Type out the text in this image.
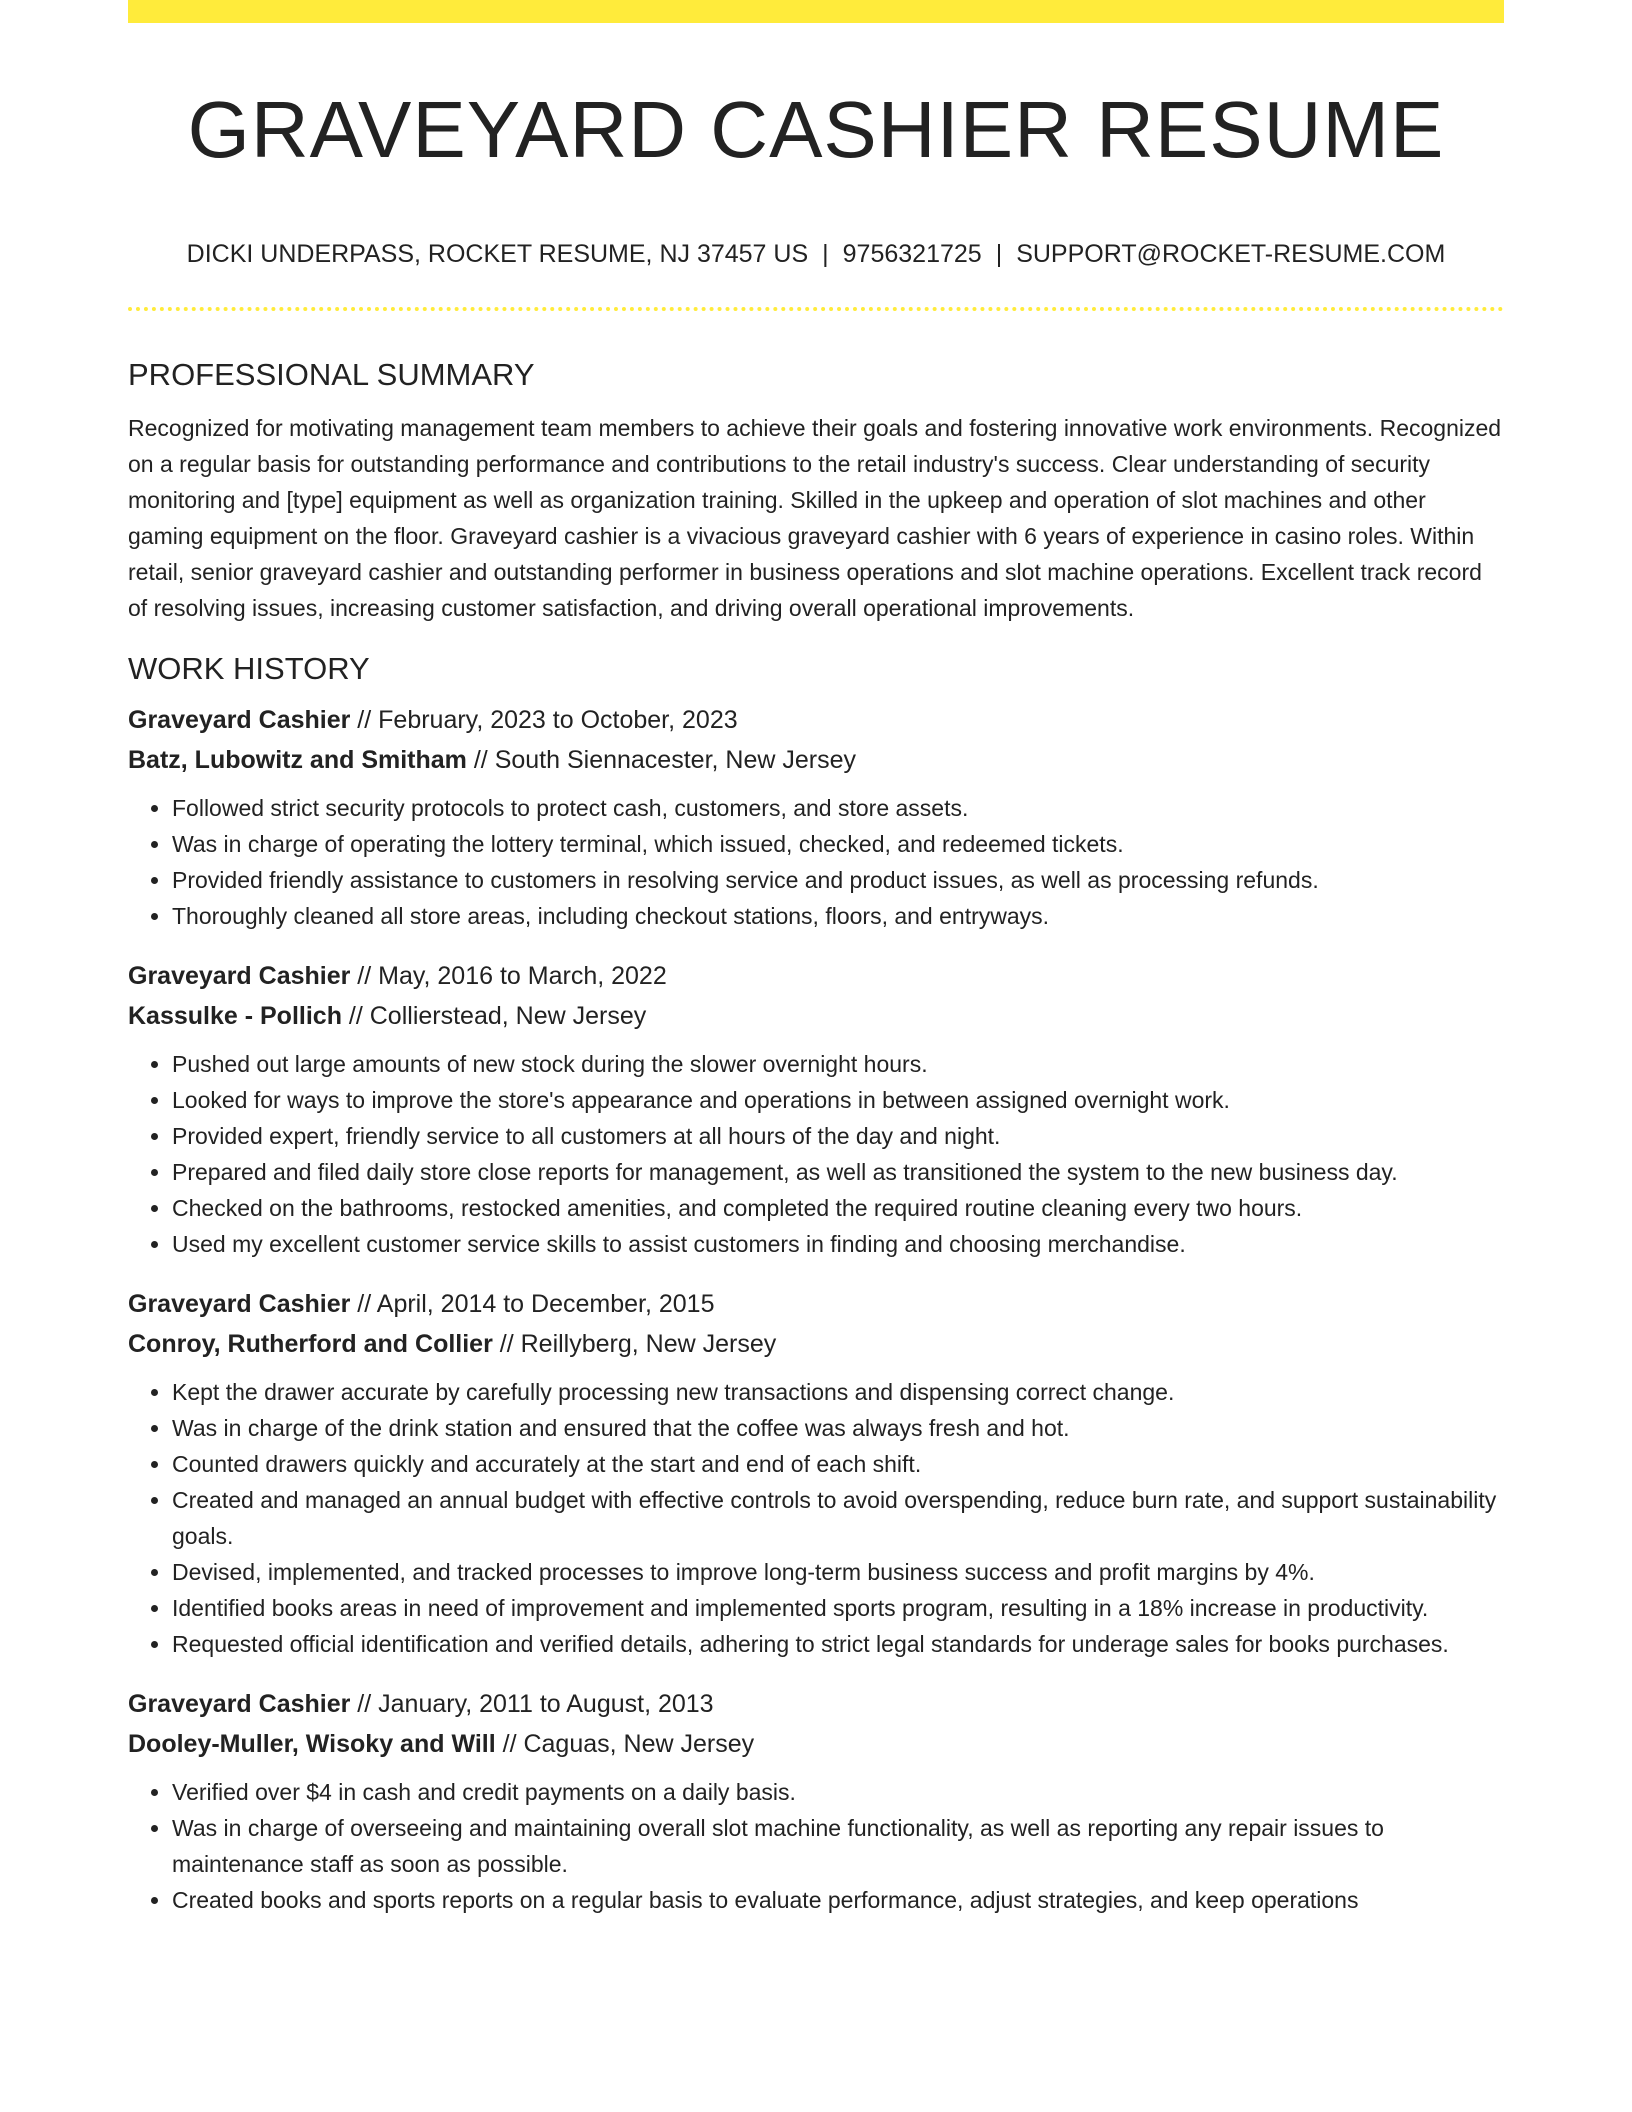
GRAVEYARD CASHIER RESUME
DICKI UNDERPASS, ROCKET RESUME, NJ 37457 US | 9756321725 | SUPPORT@ROCKET-RESUME.COM
PROFESSIONAL SUMMARY

Recognized for motivating management team members to achieve their goals and fostering innovative work environments. Recognized on a regular basis for outstanding performance and contributions to the retail industry's success. Clear understanding of security monitoring and [type] equipment as well as organization training. Skilled in the upkeep and operation of slot machines and other gaming equipment on the floor. Graveyard cashier is a vivacious graveyard cashier with 6 years of experience in casino roles. Within retail, senior graveyard cashier and outstanding performer in business operations and slot machine operations. Excellent track record of resolving issues, increasing customer satisfaction, and driving overall operational improvements.

WORK HISTORY
Graveyard Cashier // February, 2023 to October, 2023
Batz, Lubowitz and Smitham // South Siennacester, New Jersey
• Followed strict security protocols to protect cash, customers, and store assets.
• Was in charge of operating the lottery terminal, which issued, checked, and redeemed tickets.
• Provided friendly assistance to customers in resolving service and product issues, as well as processing refunds.
• Thoroughly cleaned all store areas, including checkout stations, floors, and entryways.
Graveyard Cashier // May, 2016 to March, 2022
Kassulke - Pollich // Collierstead, New Jersey
• Pushed out large amounts of new stock during the slower overnight hours.
• Looked for ways to improve the store's appearance and operations in between assigned overnight work.
• Provided expert, friendly service to all customers at all hours of the day and night.
• Prepared and filed daily store close reports for management, as well as transitioned the system to the new business day.
• Checked on the bathrooms, restocked amenities, and completed the required routine cleaning every two hours.
• Used my excellent customer service skills to assist customers in finding and choosing merchandise.
Graveyard Cashier // April, 2014 to December, 2015
Conroy, Rutherford and Collier // Reillyberg, New Jersey
• Kept the drawer accurate by carefully processing new transactions and dispensing correct change.
• Was in charge of the drink station and ensured that the coffee was always fresh and hot.
• Counted drawers quickly and accurately at the start and end of each shift.
• Created and managed an annual budget with effective controls to avoid overspending, reduce burn rate, and support sustainability goals.
• Devised, implemented, and tracked processes to improve long-term business success and profit margins by 4%.
• Identified books areas in need of improvement and implemented sports program, resulting in a 18% increase in productivity.
• Requested official identification and verified details, adhering to strict legal standards for underage sales for books purchases.
Graveyard Cashier // January, 2011 to August, 2013
Dooley-Muller, Wisoky and Will // Caguas, New Jersey
• Verified over $4 in cash and credit payments on a daily basis.
• Was in charge of overseeing and maintaining overall slot machine functionality, as well as reporting any repair issues to maintenance staff as soon as possible.
• Created books and sports reports on a regular basis to evaluate performance, adjust strategies, and keep operations
